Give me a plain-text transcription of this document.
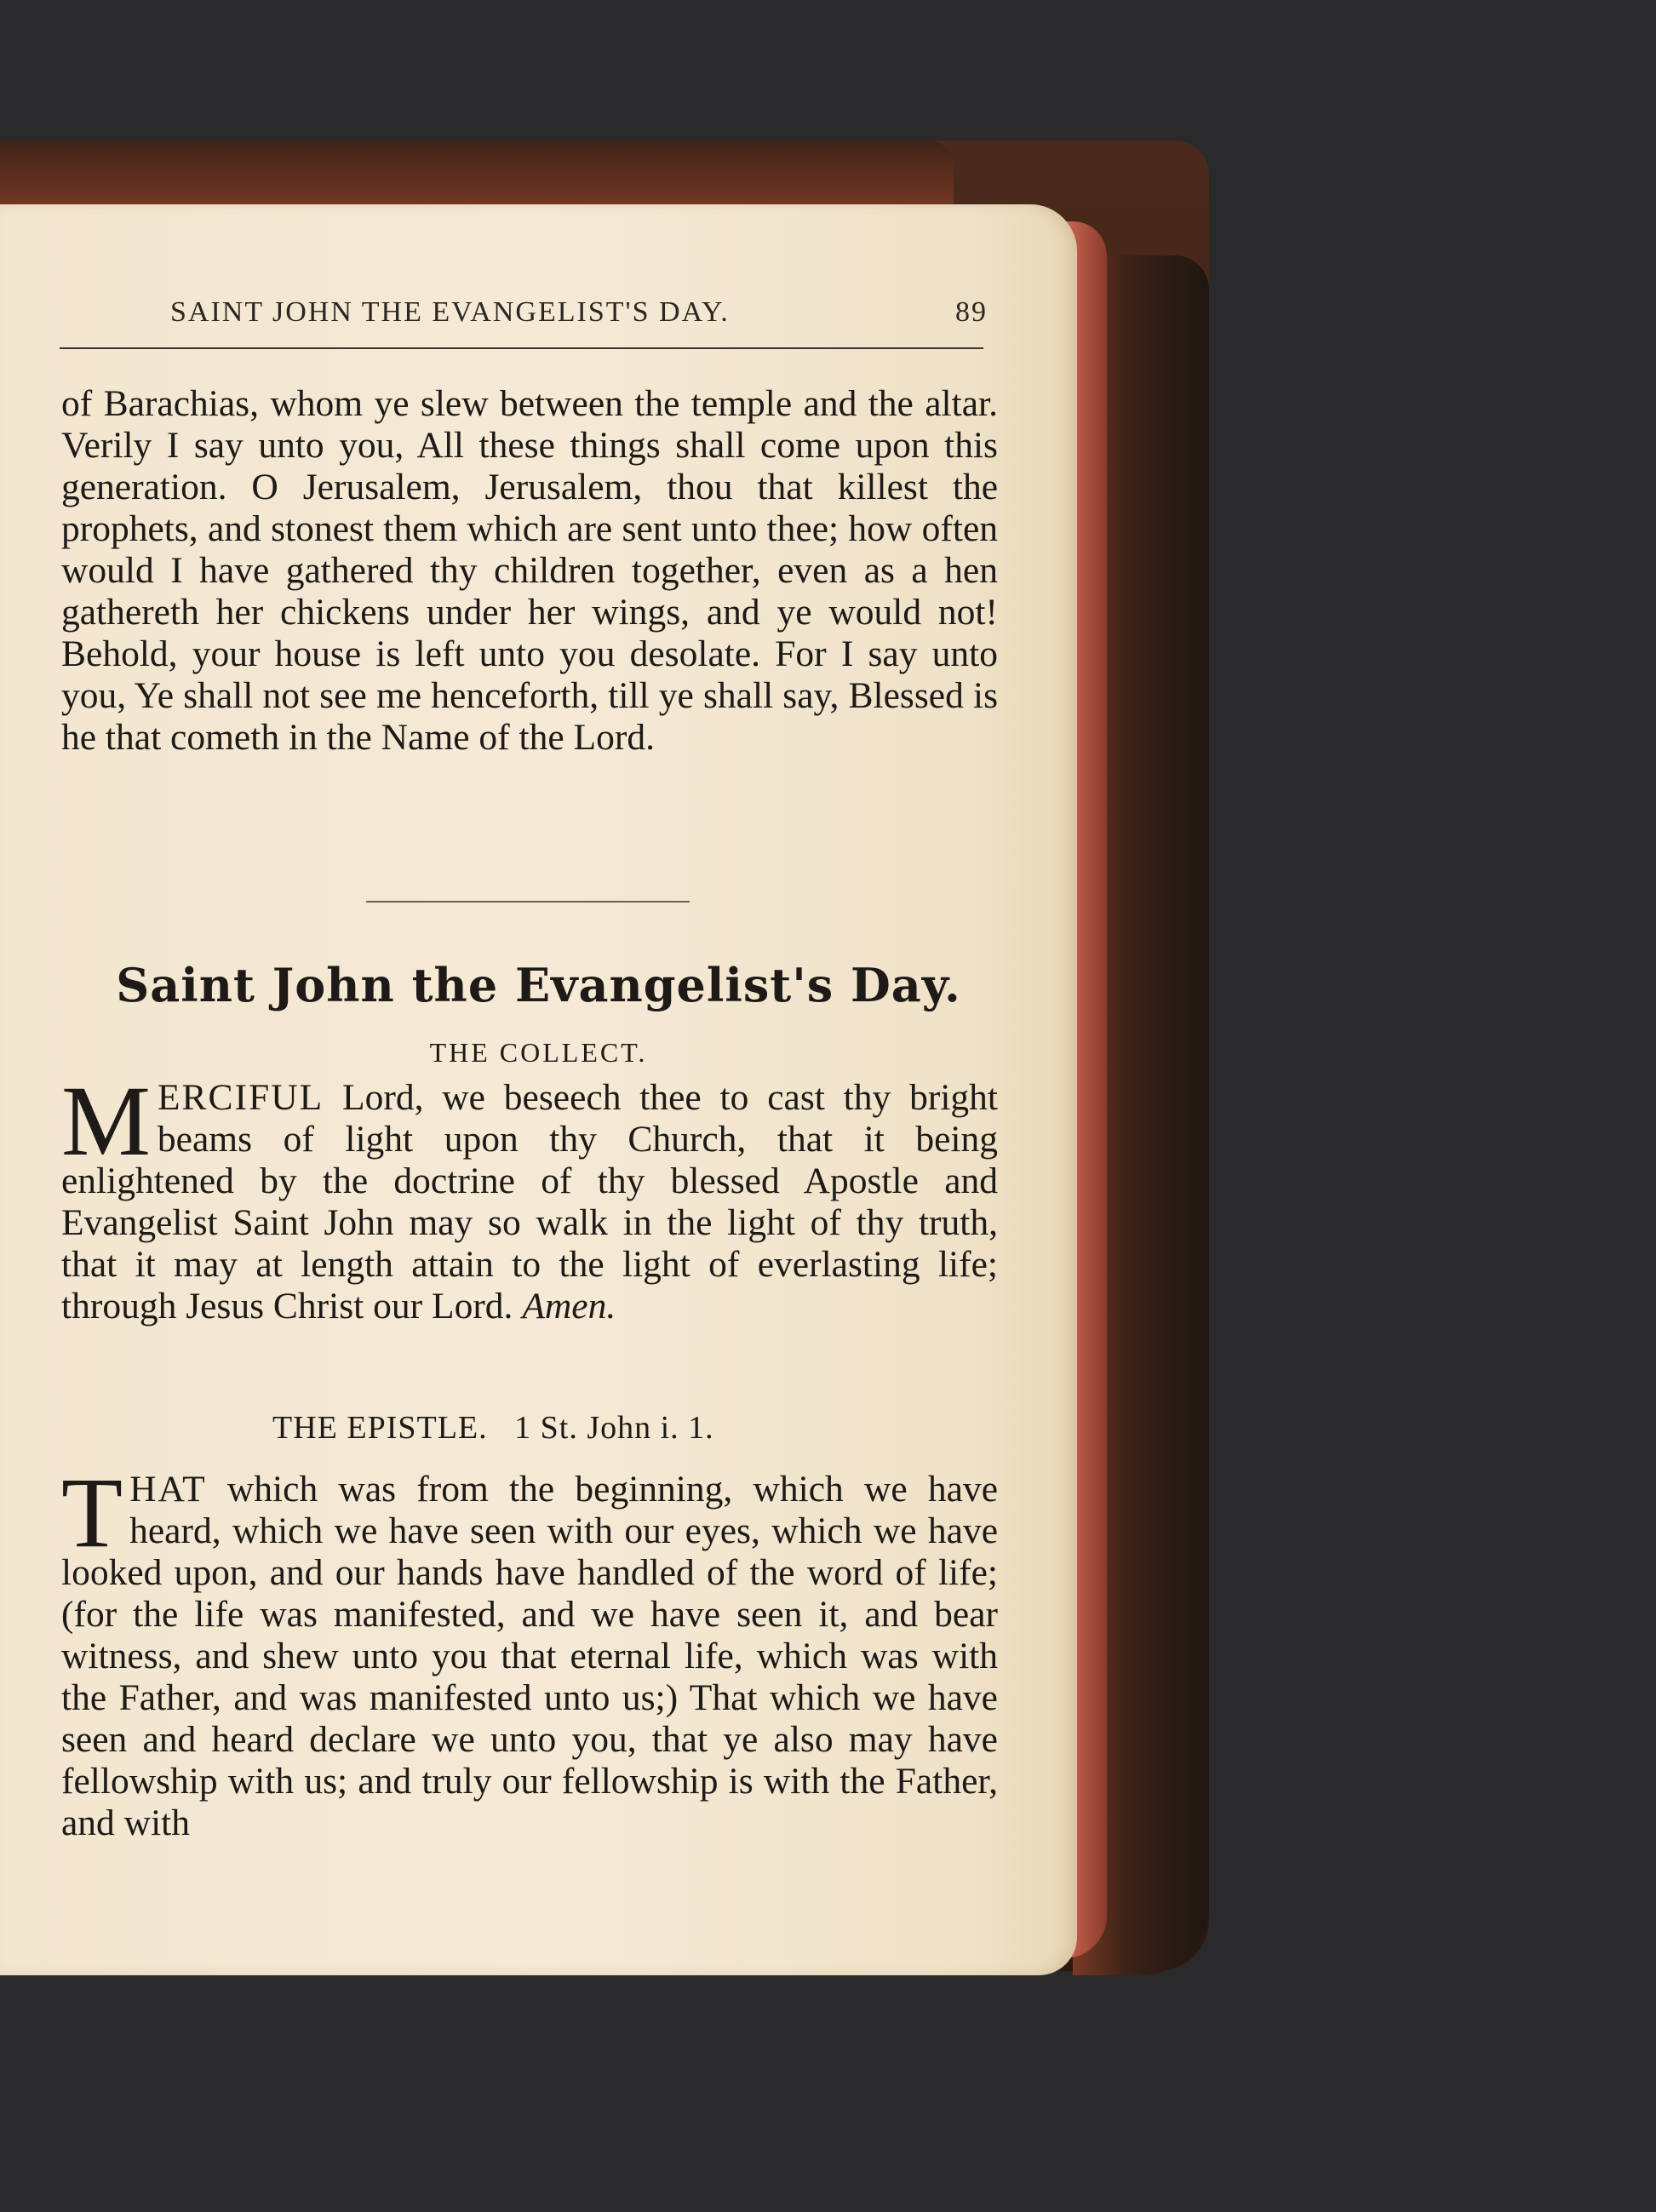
SAINT JOHN THE EVANGELIST'S DAY.	89
of Barachias, whom ye slew between the temple and the altar. Verily I say unto you, All these things shall come upon this generation. O Jerusalem, Jerusalem, thou that killest the prophets, and stonest them which are sent unto thee; how often would I have gathered thy children together, even as a hen gathereth her chickens under her wings, and ye would not! Behold, your house is left unto you desolate. For I say unto you, Ye shall not see me henceforth, till ye shall say, Blessed is he that cometh in the Name of the Lord.
Saint John the Evangelist's Day.
THE COLLECT.
MERCIFUL Lord, we beseech thee to cast thy bright beams of light upon thy Church, that it being enlightened by the doctrine of thy blessed Apostle and Evangelist Saint John may so walk in the light of thy truth, that it may at length attain to the light of everlasting life; through Jesus Christ our Lord. Amen.
THE EPISTLE. 1 St. John i. 1.
THAT which was from the beginning, which we have heard, which we have seen with our eyes, which we have looked upon, and our hands have handled of the word of life; (for the life was manifested, and we have seen it, and bear witness, and shew unto you that eternal life, which was with the Father, and was manifested unto us;) That which we have seen and heard declare we unto you, that ye also may have fellowship with us; and truly our fellowship is with the Father, and with
